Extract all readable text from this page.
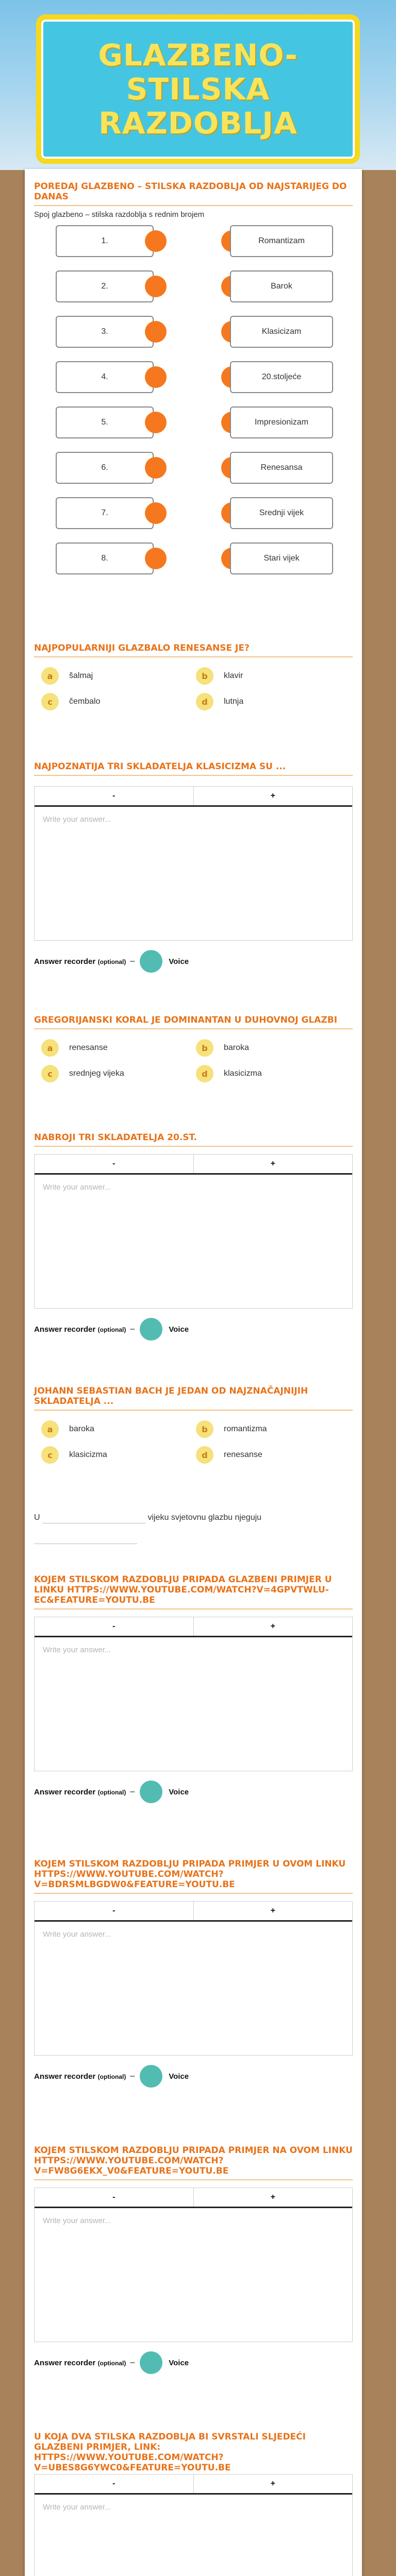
GLAZBENO-STILSKA RAZDOBLJA
POREDAJ GLAZBENO – STILSKA RAZDOBLJA OD NAJSTARIJEG DO DANAS
Spoj glazbeno – stilska razdoblja s rednim brojem
1.	Romantizam
2.	Barok
3.	Klasicizam
4.	20.stoljeće
5.	Impresionizam
6.	Renesansa
7.	Srednji vijek
8.	Stari vijek
NAJPOPULARNIJI GLAZBALO RENESANSE JE?
a	šalmaj	b	klavir
c	čembalo	d	lutnja
NAJPOZNATIJA TRI SKLADATELJA KLASICIZMA SU ...
-	+
Write your answer...
Answer recorder
(optional) –	Voice
GREGORIJANSKI KORAL JE DOMINANTAN U DUHOVNOJ GLAZBI
a	renesanse	b	baroka
c	srednjeg vijeka	d	klasicizma
NABROJI TRI SKLADATELJA 20.ST.
-	+
Write your answer...
Answer recorder
(optional) –	Voice
JOHANN SEBASTIAN BACH JE JEDAN OD NAJZNAČAJNIJIH SKLADATELJA ...
a	baroka	b	romantizma
c	klasicizma	d	renesanse
U	vijeku svjetovnu glazbu njeguju

KOJEM STILSKOM RAZDOBLJU PRIPADA GLAZBENI PRIMJER U LINKU HTTPS://WWW.YOUTUBE.COM/WATCH?V=4GPVTWLU-EC&FEATURE=YOUTU.BE
-	+
Write your answer...
Answer recorder
(optional) –	Voice
KOJEM STILSKOM RAZDOBLJU PRIPADA PRIMJER U OVOM LINKU HTTPS://WWW.YOUTUBE.COM/WATCH?V=BDRSMLBGDW0&FEATURE=YOUTU.BE
-	+
Write your answer...
Answer recorder
(optional) –	Voice
KOJEM STILSKOM RAZDOBLJU PRIPADA PRIMJER NA OVOM LINKU HTTPS://WWW.YOUTUBE.COM/WATCH?V=FW8G6EKX_V0&FEATURE=YOUTU.BE
-	+
Write your answer...
Answer recorder
(optional) –	Voice
U KOJA DVA STILSKA RAZDOBLJA BI SVRSTALI SLJEDEĆI GLAZBENI PRIMJER, LINK: HTTPS://WWW.YOUTUBE.COM/WATCH?V=UBES8G6YWC0&FEATURE=YOUTU.BE
-	+
Write your answer...
